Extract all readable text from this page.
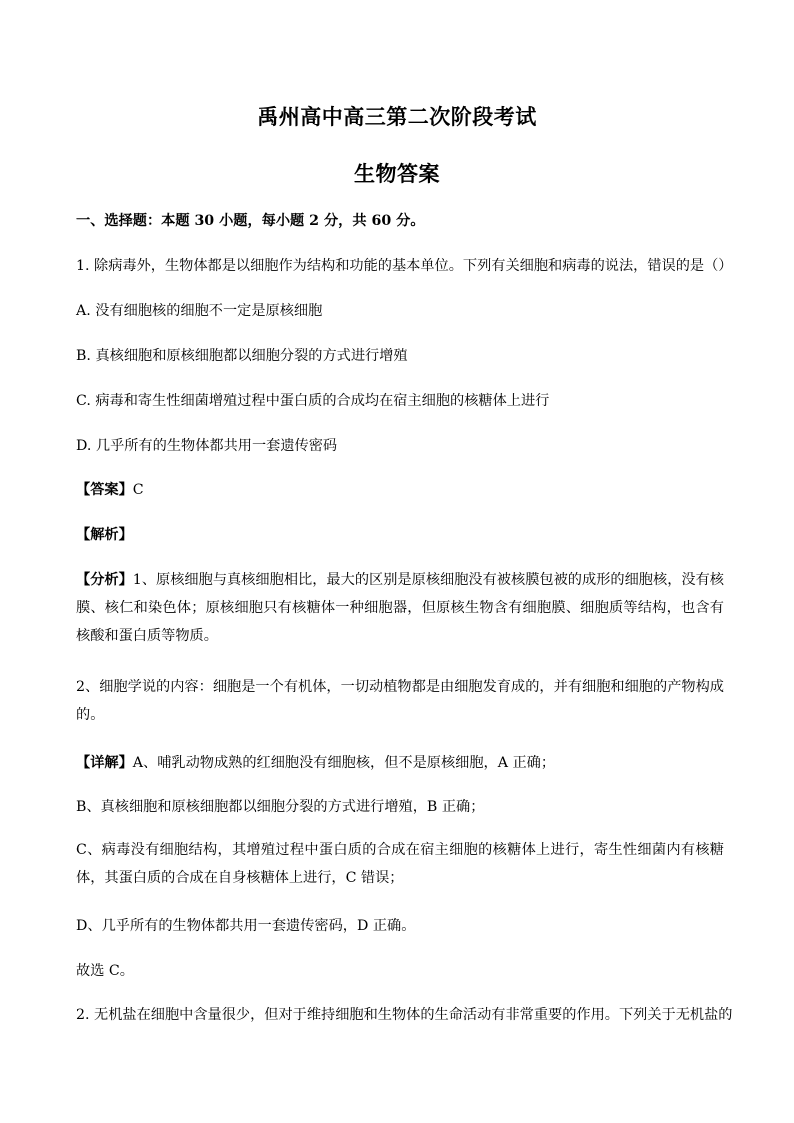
禹州高中高三第二次阶段考试
生物答案

一、选择题：本题 30 小题，每小题 2 分，共 60 分。

1. 除病毒外，生物体都是以细胞作为结构和功能的基本单位。下列有关细胞和病毒的说法，错误的是（）

A. 没有细胞核的细胞不一定是原核细胞

B. 真核细胞和原核细胞都以细胞分裂的方式进行增殖

C. 病毒和寄生性细菌增殖过程中蛋白质的合成均在宿主细胞的核糖体上进行

D. 几乎所有的生物体都共用一套遗传密码

【答案】C

【解析】

【分析】1、原核细胞与真核细胞相比，最大的区别是原核细胞没有被核膜包被的成形的细胞核，没有核膜、核仁和染色体；原核细胞只有核糖体一种细胞器，但原核生物含有细胞膜、细胞质等结构，也含有核酸和蛋白质等物质。

2、细胞学说的内容：细胞是一个有机体，一切动植物都是由细胞发育成的，并有细胞和细胞的产物构成的。

【详解】A、哺乳动物成熟的红细胞没有细胞核，但不是原核细胞，A 正确；

B、真核细胞和原核细胞都以细胞分裂的方式进行增殖，B 正确；

C、病毒没有细胞结构，其增殖过程中蛋白质的合成在宿主细胞的核糖体上进行，寄生性细菌内有核糖体，其蛋白质的合成在自身核糖体上进行，C 错误；

D、几乎所有的生物体都共用一套遗传密码，D 正确。

故选 C。

2. 无机盐在细胞中含量很少，但对于维持细胞和生物体的生命活动有非常重要的作用。下列关于无机盐的
